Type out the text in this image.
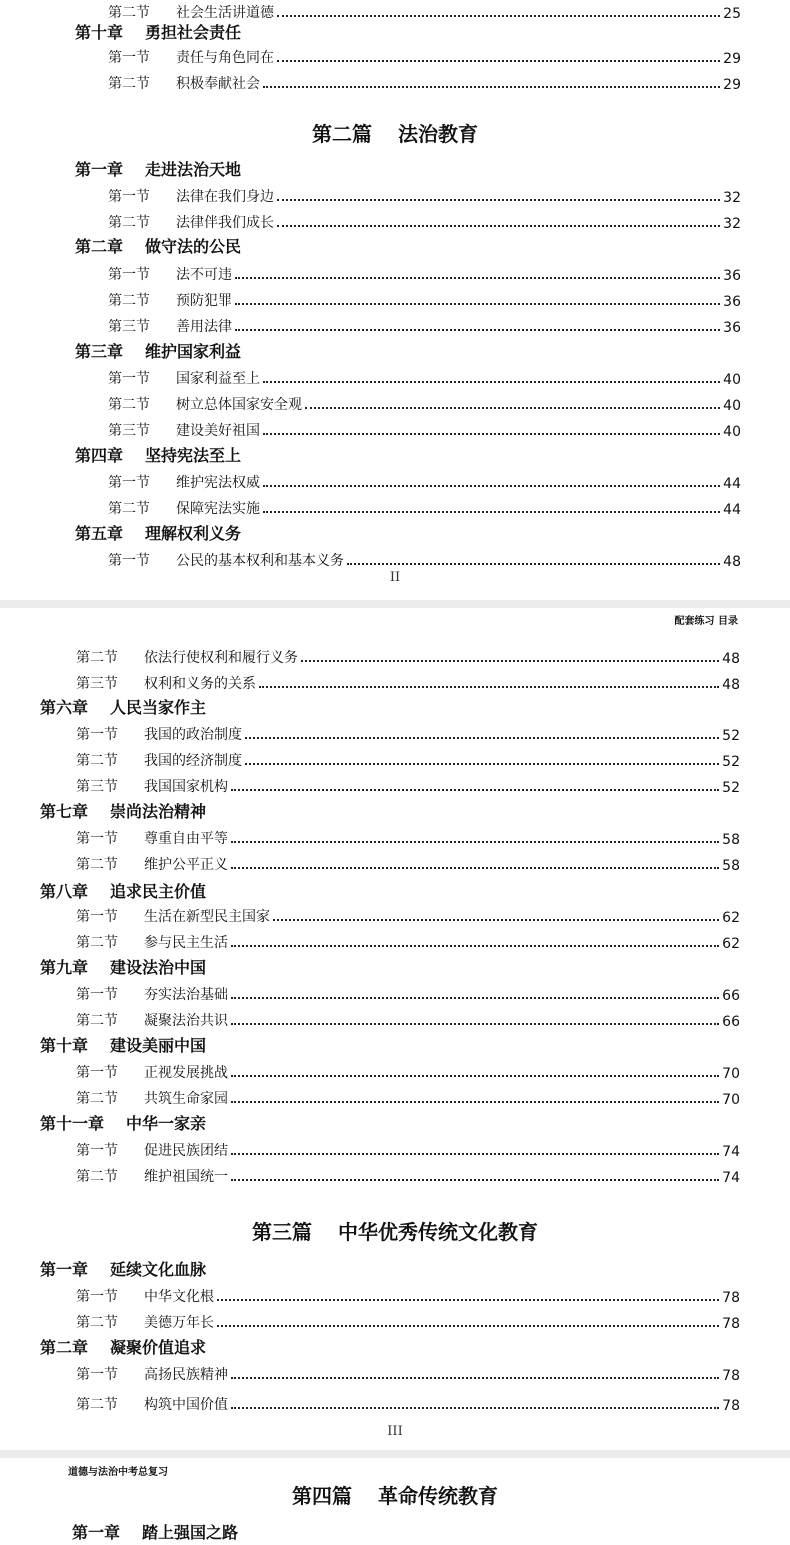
第二节 社会生活讲道德	25
第十章 勇担社会责任
第一节 责任与角色同在	29
第二节 积极奉献社会	29
第二篇 法治教育
第一章 走进法治天地
第一节 法律在我们身边	32
第二节 法律伴我们成长	32
第二章 做守法的公民
第一节 法不可违	36
第二节 预防犯罪	36
第三节 善用法律	36
第三章 维护国家利益
第一节 国家利益至上	40
第二节 树立总体国家安全观	40
第三节 建设美好祖国	40
第四章 坚持宪法至上
第一节 维护宪法权威	44
第二节 保障宪法实施	44
第五章 理解权利义务
第一节 公民的基本权利和基本义务	48
II
配套练习 目录
第二节 依法行使权利和履行义务	48
第三节 权利和义务的关系	48
第六章 人民当家作主
第一节 我国的政治制度	52
第二节 我国的经济制度	52
第三节 我国国家机构	52
第七章 崇尚法治精神
第一节 尊重自由平等	58
第二节 维护公平正义	58
第八章 追求民主价值
第一节 生活在新型民主国家	62
第二节 参与民主生活	62
第九章 建设法治中国
第一节 夯实法治基础	66
第二节 凝聚法治共识	66
第十章 建设美丽中国
第一节 正视发展挑战	70
第二节 共筑生命家园	70
第十一章 中华一家亲
第一节 促进民族团结	74
第二节 维护祖国统一	74
第三篇 中华优秀传统文化教育
第一章 延续文化血脉
第一节 中华文化根	78
第二节 美德万年长	78
第二章 凝聚价值追求
第一节 高扬民族精神	78
第二节 构筑中国价值	78
III
道德与法治中考总复习
第四篇 革命传统教育
第一章 踏上强国之路
